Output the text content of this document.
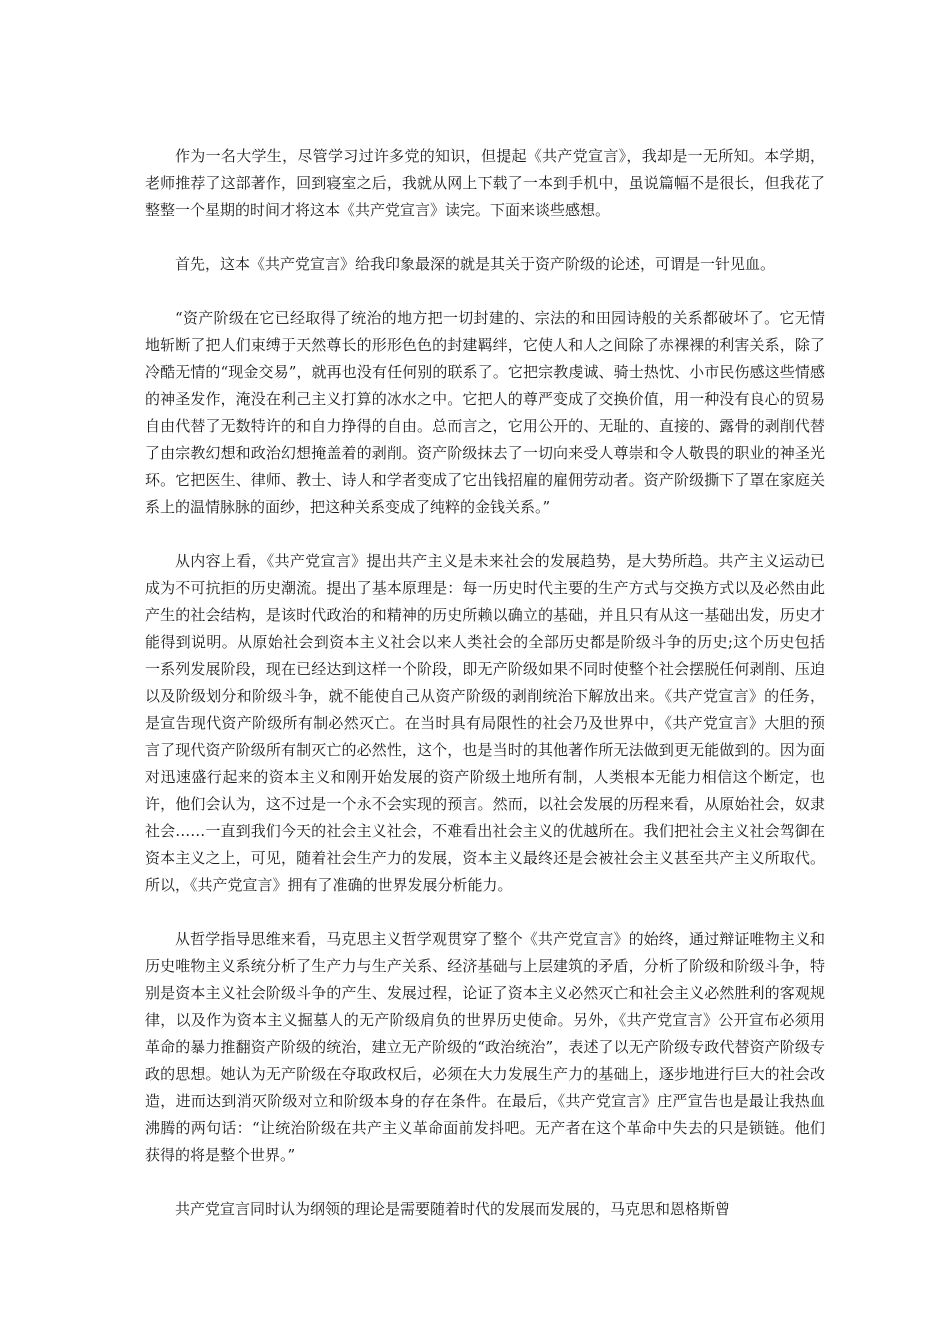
作为一名大学生，尽管学习过许多党的知识，但提起《共产党宣言》，我却是一无所知。本学期，老师推荐了这部著作，回到寝室之后，我就从网上下载了一本到手机中，虽说篇幅不是很长，但我花了整整一个星期的时间才将这本《共产党宣言》读完。下面来谈些感想。

首先，这本《共产党宣言》给我印象最深的就是其关于资产阶级的论述，可谓是一针见血。

“资产阶级在它已经取得了统治的地方把一切封建的、宗法的和田园诗般的关系都破坏了。它无情地斩断了把人们束缚于天然尊长的形形色色的封建羁绊，它使人和人之间除了赤裸裸的利害关系，除了冷酷无情的“现金交易”，就再也没有任何别的联系了。它把宗教虔诚、骑士热忱、小市民伤感这些情感的神圣发作，淹没在利己主义打算的冰水之中。它把人的尊严变成了交换价值，用一种没有良心的贸易自由代替了无数特许的和自力挣得的自由。总而言之，它用公开的、无耻的、直接的、露骨的剥削代替了由宗教幻想和政治幻想掩盖着的剥削。资产阶级抹去了一切向来受人尊崇和令人敬畏的职业的神圣光环。它把医生、律师、教士、诗人和学者变成了它出钱招雇的雇佣劳动者。资产阶级撕下了罩在家庭关系上的温情脉脉的面纱，把这种关系变成了纯粹的金钱关系。”

从内容上看，《共产党宣言》提出共产主义是未来社会的发展趋势，是大势所趋。共产主义运动已成为不可抗拒的历史潮流。提出了基本原理是：每一历史时代主要的生产方式与交换方式以及必然由此产生的社会结构，是该时代政治的和精神的历史所赖以确立的基础，并且只有从这一基础出发，历史才能得到说明。从原始社会到资本主义社会以来人类社会的全部历史都是阶级斗争的历史;这个历史包括一系列发展阶段，现在已经达到这样一个阶段，即无产阶级如果不同时使整个社会摆脱任何剥削、压迫以及阶级划分和阶级斗争，就不能使自己从资产阶级的剥削统治下解放出来。《共产党宣言》的任务，是宣告现代资产阶级所有制必然灭亡。在当时具有局限性的社会乃及世界中，《共产党宣言》大胆的预言了现代资产阶级所有制灭亡的必然性，这个，也是当时的其他著作所无法做到更无能做到的。因为面对迅速盛行起来的资本主义和刚开始发展的资产阶级土地所有制，人类根本无能力相信这个断定，也许，他们会认为，这不过是一个永不会实现的预言。然而，以社会发展的历程来看，从原始社会，奴隶社会……一直到我们今天的社会主义社会，不难看出社会主义的优越所在。我们把社会主义社会驾御在资本主义之上，可见，随着社会生产力的发展，资本主义最终还是会被社会主义甚至共产主义所取代。所以，《共产党宣言》拥有了准确的世界发展分析能力。

从哲学指导思维来看，马克思主义哲学观贯穿了整个《共产党宣言》的始终，通过辩证唯物主义和历史唯物主义系统分析了生产力与生产关系、经济基础与上层建筑的矛盾，分析了阶级和阶级斗争，特别是资本主义社会阶级斗争的产生、发展过程，论证了资本主义必然灭亡和社会主义必然胜利的客观规律，以及作为资本主义掘墓人的无产阶级肩负的世界历史使命。另外，《共产党宣言》公开宣布必须用革命的暴力推翻资产阶级的统治，建立无产阶级的“政治统治”，表述了以无产阶级专政代替资产阶级专政的思想。她认为无产阶级在夺取政权后，必须在大力发展生产力的基础上，逐步地进行巨大的社会改造，进而达到消灭阶级对立和阶级本身的存在条件。在最后，《共产党宣言》庄严宣告也是最让我热血沸腾的两句话：“让统治阶级在共产主义革命面前发抖吧。无产者在这个革命中失去的只是锁链。他们获得的将是整个世界。”

共产党宣言同时认为纲领的理论是需要随着时代的发展而发展的，马克思和恩格斯曾
